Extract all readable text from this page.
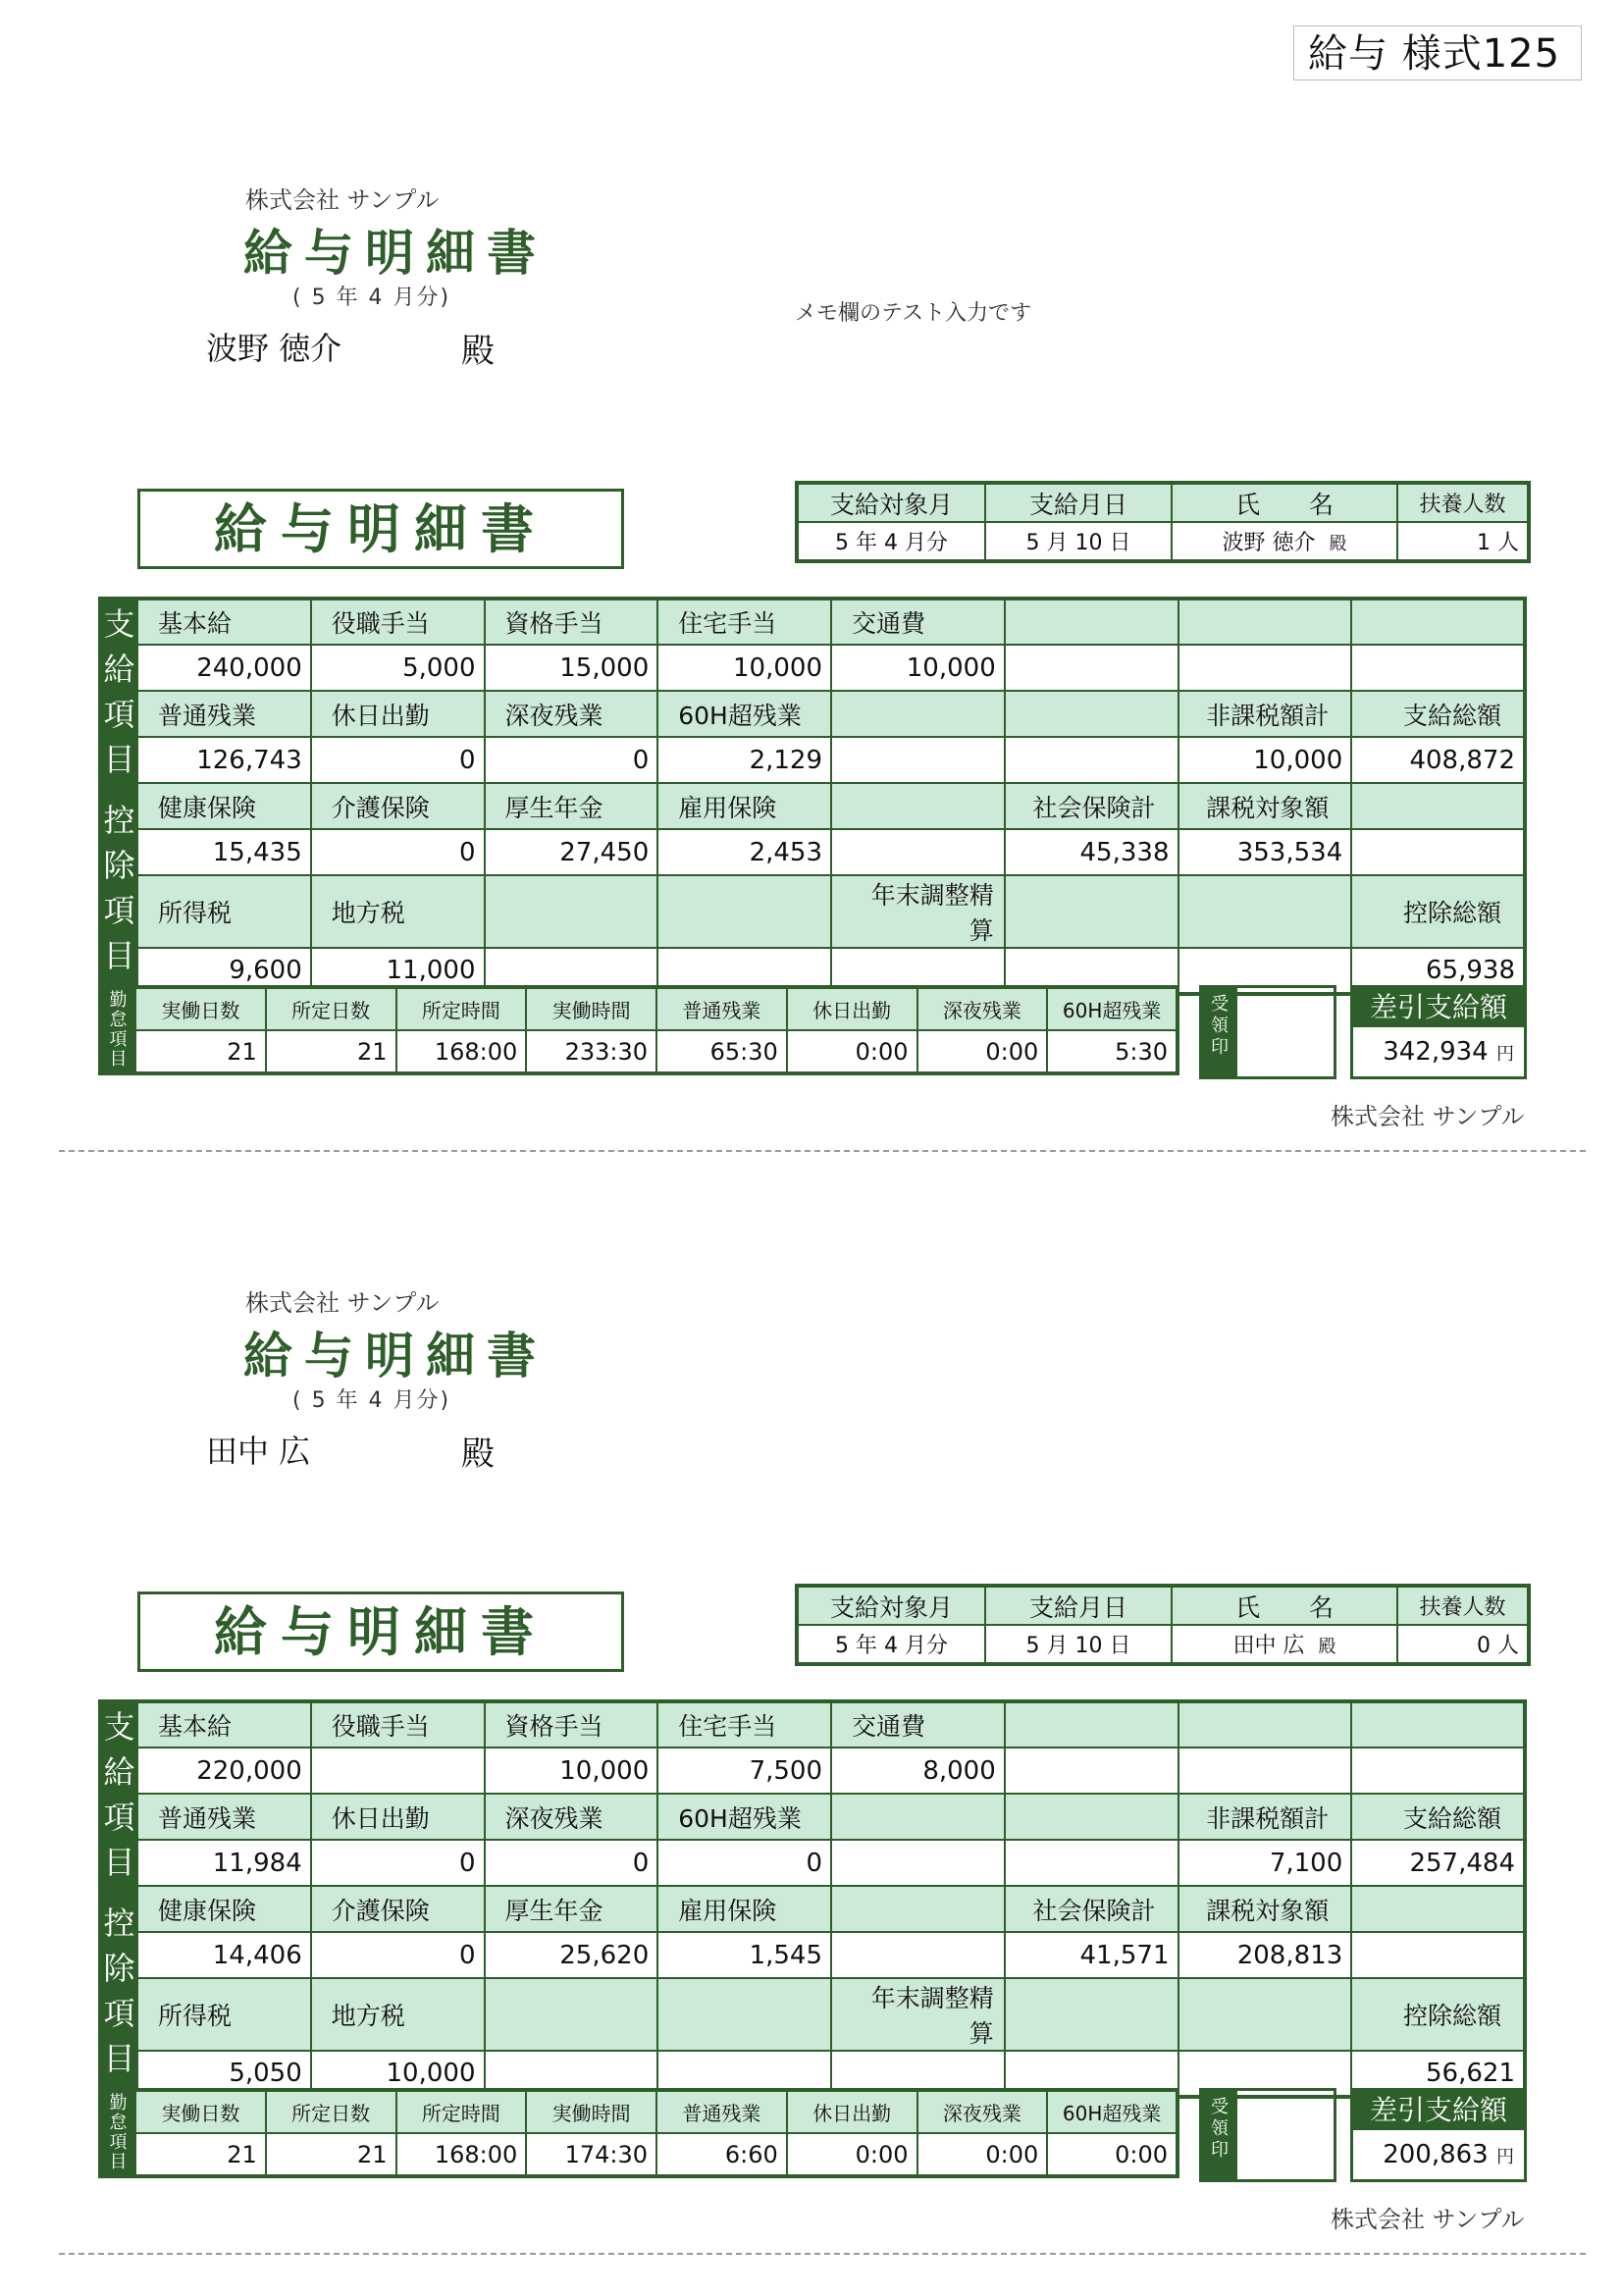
給与 様式125
株式会社 サンプル
給与明細書
( 5 年 4 月分)
波野 徳介	殿
メモ欄のテスト入力です
給与明細書	支給対象月	支給月日	氏　　名	扶養人数
5 年 4 月分	5 月 10 日	波野 徳介 殿	1 人
支
給
項
目	基本給	役職手当	資格手当	住宅手当	交通費			
	240,000	5,000	15,000	10,000	10,000			
	普通残業	休日出勤	深夜残業	60H超残業			非課税額計	支給総額
	126,743	0	0	2,129			10,000	408,872
控
除
項
目	健康保険	介護保険	厚生年金	雇用保険		社会保険計	課税対象額	
	15,435	0	27,450	2,453		45,338	353,534	
	所得税	地方税			年末調整精算			控除総額
	9,600	11,000						65,938
勤
怠
項
目	実働日数	所定日数	所定時間	実働時間	普通残業	休日出勤	深夜残業	60H超残業
	21	21	168:00	233:30	65:30	0:00	0:00	5:30
受
領
印
差引支給額
342,934 円
株式会社 サンプル
株式会社 サンプル
給与明細書
( 5 年 4 月分)
田中 広	殿
給与明細書	支給対象月	支給月日	氏　　名	扶養人数
5 年 4 月分	5 月 10 日	田中 広 殿	0 人
支
給
項
目	基本給	役職手当	資格手当	住宅手当	交通費			
	220,000		10,000	7,500	8,000			
	普通残業	休日出勤	深夜残業	60H超残業			非課税額計	支給総額
	11,984	0	0	0			7,100	257,484
控
除
項
目	健康保険	介護保険	厚生年金	雇用保険		社会保険計	課税対象額	
	14,406	0	25,620	1,545		41,571	208,813	
	所得税	地方税			年末調整精算			控除総額
	5,050	10,000						56,621
勤
怠
項
目	実働日数	所定日数	所定時間	実働時間	普通残業	休日出勤	深夜残業	60H超残業
	21	21	168:00	174:30	6:60	0:00	0:00	0:00
受
領
印
差引支給額
200,863 円
株式会社 サンプル
